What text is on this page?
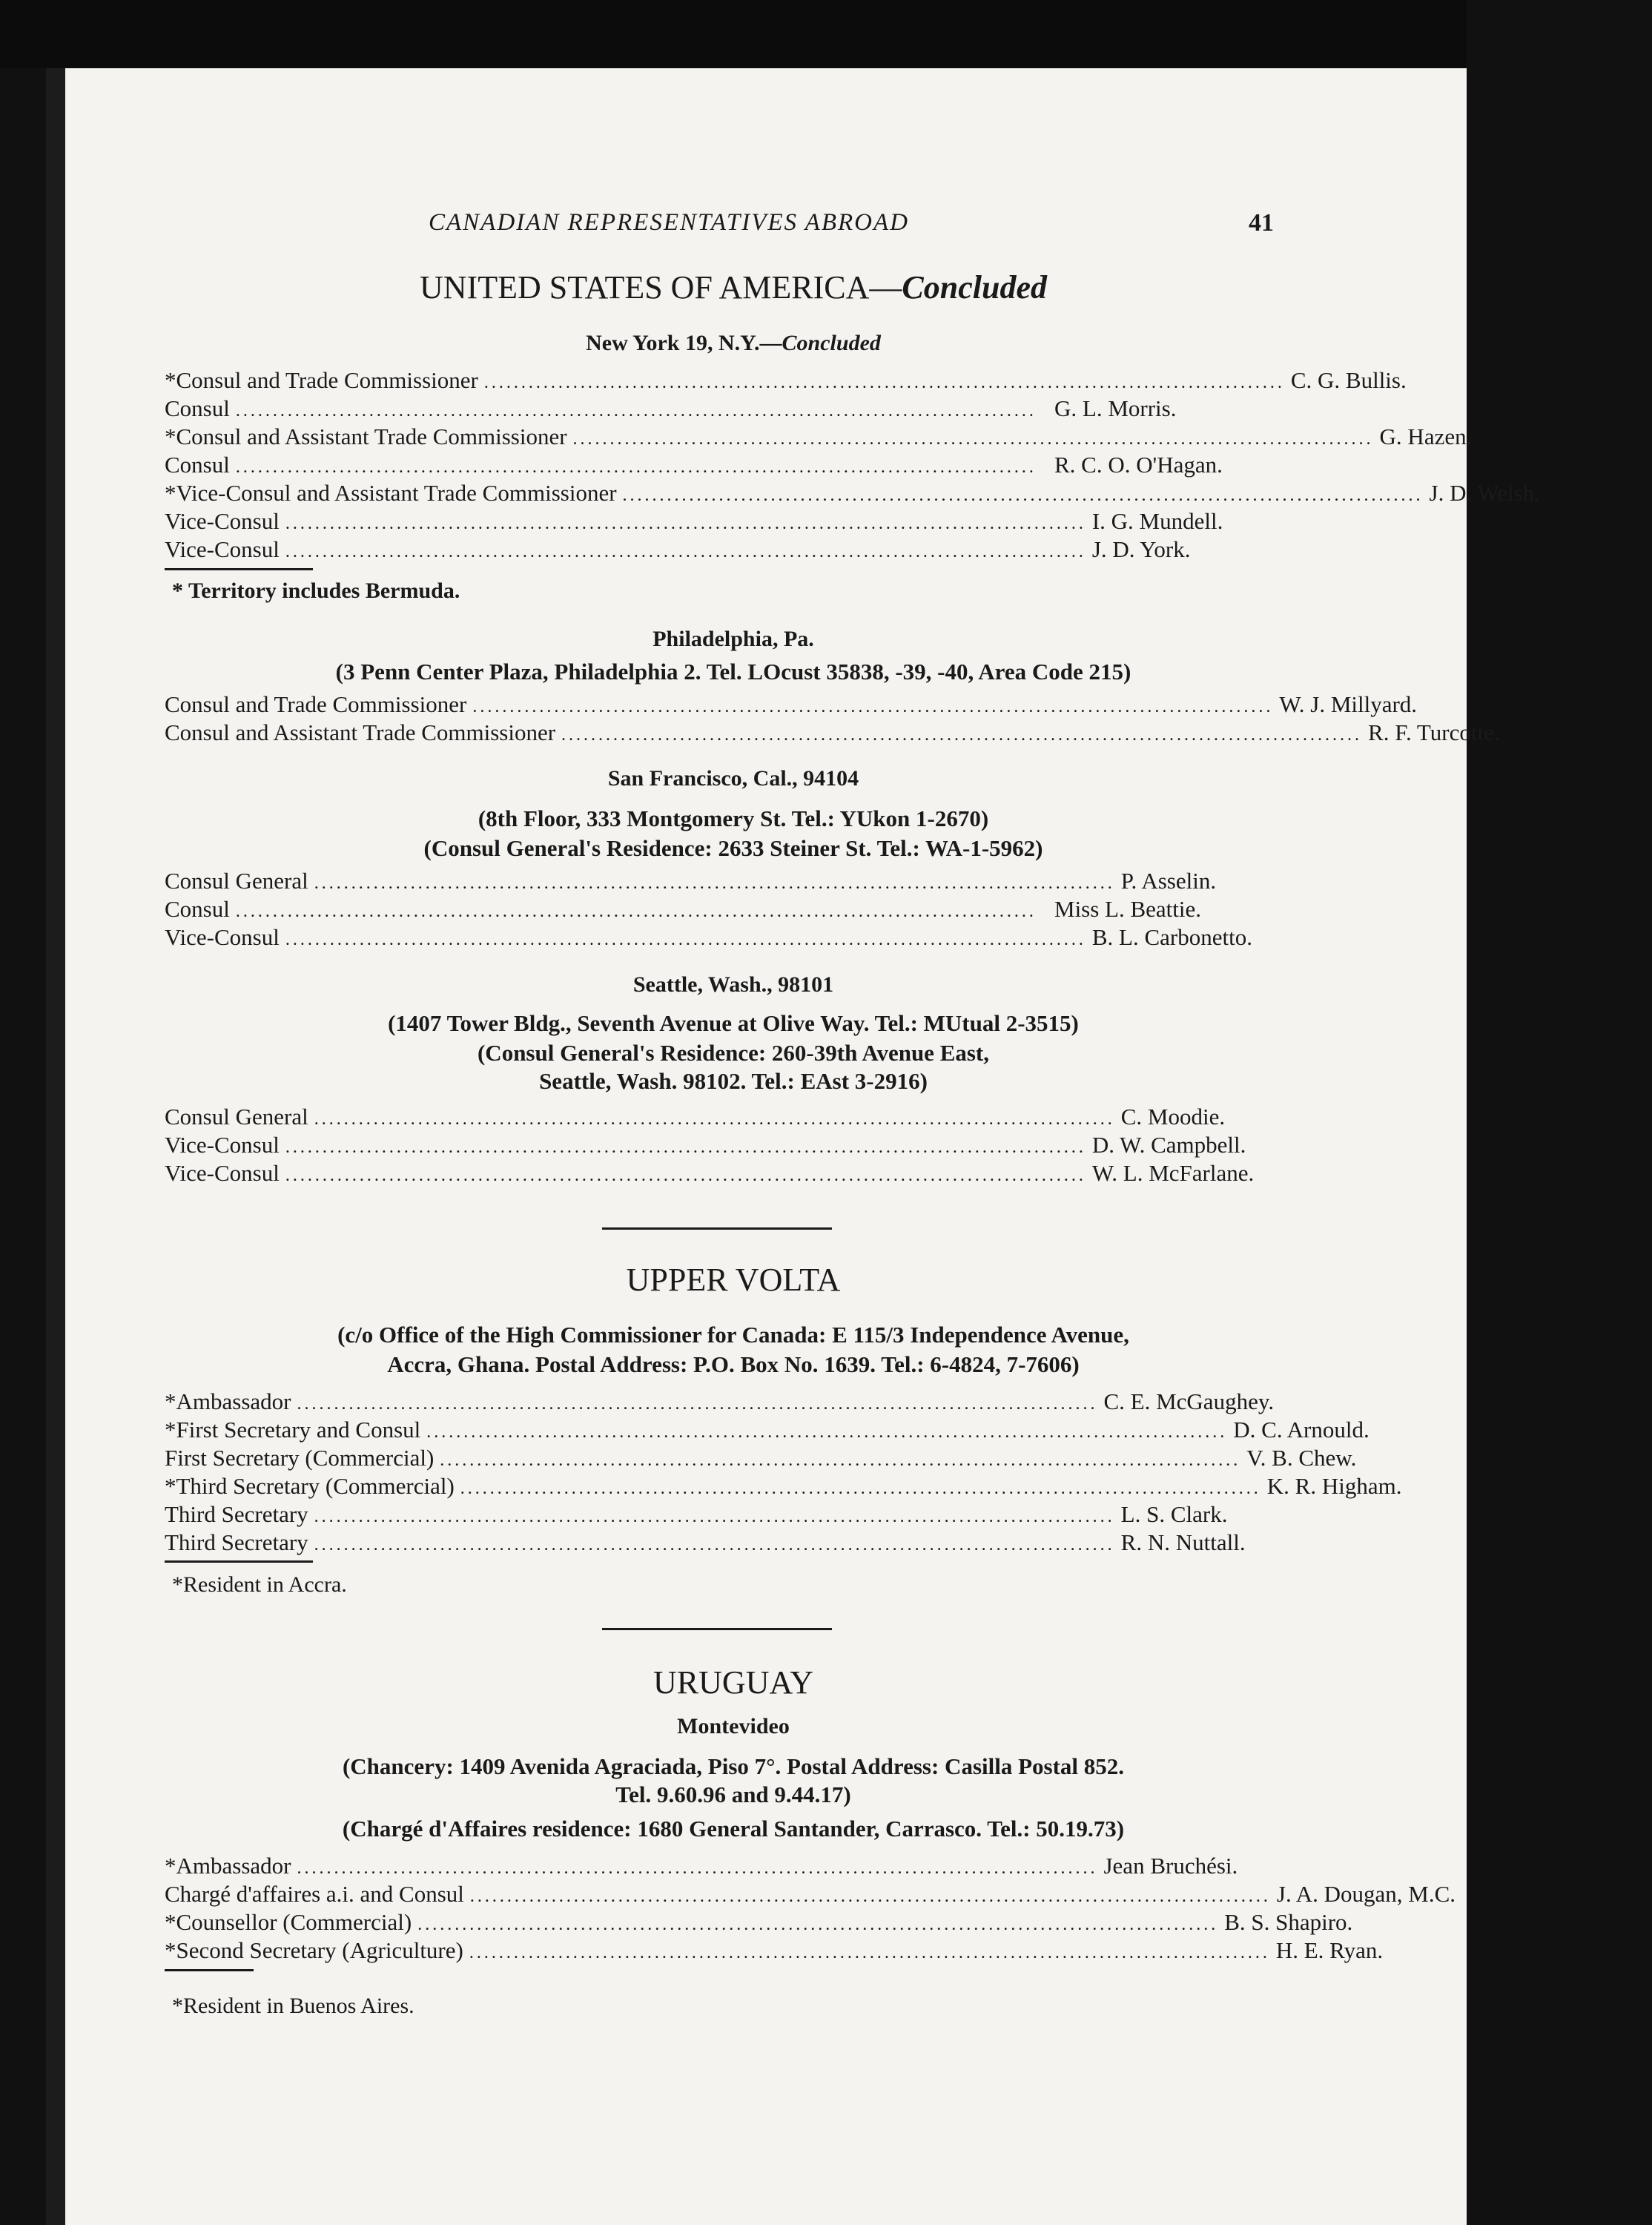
CANADIAN REPRESENTATIVES ABROAD	41
UNITED STATES OF AMERICA—Concluded
New York 19, N.Y.—Concluded
*Consul and Trade Commissioner ............................................................................................................ C. G. Bullis.
Consul ............................................................................................................ G. L. Morris.
*Consul and Assistant Trade Commissioner ............................................................................................................ G. Hazen.
Consul ............................................................................................................ R. C. O. O'Hagan.
*Vice-Consul and Assistant Trade Commissioner ............................................................................................................ J. D. Welsh.
Vice-Consul ............................................................................................................ I. G. Mundell.
Vice-Consul ............................................................................................................ J. D. York.
* Territory includes Bermuda.
Philadelphia, Pa.
(3 Penn Center Plaza, Philadelphia 2. Tel. LOcust 35838, -39, -40, Area Code 215)
Consul and Trade Commissioner ............................................................................................................ W. J. Millyard.
Consul and Assistant Trade Commissioner ............................................................................................................ R. F. Turcotte.
San Francisco, Cal., 94104
(8th Floor, 333 Montgomery St. Tel.: YUkon 1-2670)
(Consul General's Residence: 2633 Steiner St. Tel.: WA-1-5962)
Consul General ............................................................................................................ P. Asselin.
Consul ............................................................................................................ Miss L. Beattie.
Vice-Consul ............................................................................................................ B. L. Carbonetto.
Seattle, Wash., 98101
(1407 Tower Bldg., Seventh Avenue at Olive Way. Tel.: MUtual 2-3515)
(Consul General's Residence: 260-39th Avenue East,
Seattle, Wash. 98102. Tel.: EAst 3-2916)
Consul General ............................................................................................................ C. Moodie.
Vice-Consul ............................................................................................................ D. W. Campbell.
Vice-Consul ............................................................................................................ W. L. McFarlane.
UPPER VOLTA
(c/o Office of the High Commissioner for Canada: E 115/3 Independence Avenue,
Accra, Ghana. Postal Address: P.O. Box No. 1639. Tel.: 6-4824, 7-7606)
*Ambassador ............................................................................................................ C. E. McGaughey.
*First Secretary and Consul ............................................................................................................ D. C. Arnould.
First Secretary (Commercial) ............................................................................................................ V. B. Chew.
*Third Secretary (Commercial) ............................................................................................................ K. R. Higham.
Third Secretary ............................................................................................................ L. S. Clark.
Third Secretary ............................................................................................................ R. N. Nuttall.
*Resident in Accra.
URUGUAY
Montevideo
(Chancery: 1409 Avenida Agraciada, Piso 7°. Postal Address: Casilla Postal 852.
Tel. 9.60.96 and 9.44.17)
(Chargé d'Affaires residence: 1680 General Santander, Carrasco. Tel.: 50.19.73)
*Ambassador ............................................................................................................ Jean Bruchési.
Chargé d'affaires a.i. and Consul ............................................................................................................ J. A. Dougan, M.C.
*Counsellor (Commercial) ............................................................................................................ B. S. Shapiro.
*Second Secretary (Agriculture) ............................................................................................................ H. E. Ryan.
*Resident in Buenos Aires.
